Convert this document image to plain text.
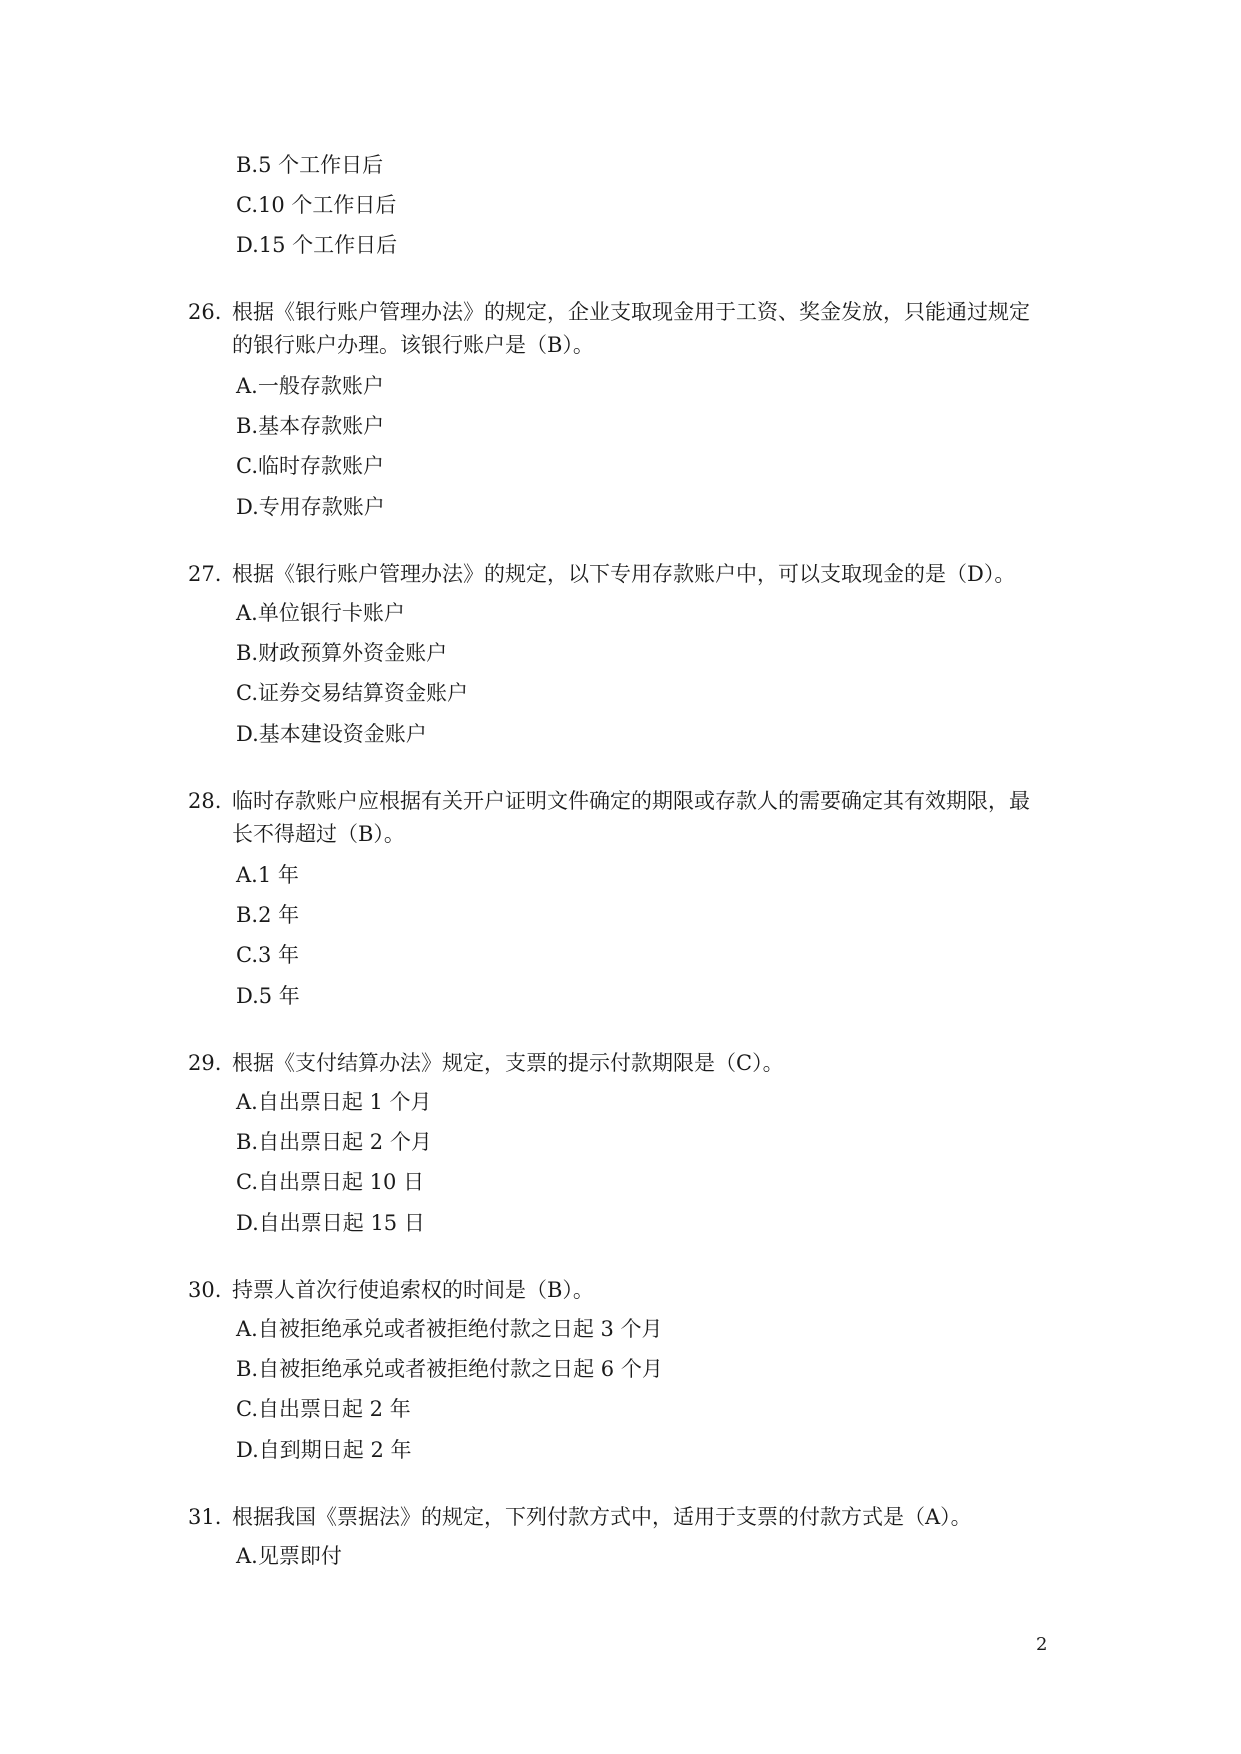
B.5 个工作日后
C.10 个工作日后
D.15 个工作日后
26. 根据《银行账户管理办法》的规定，企业支取现金用于工资、奖金发放，只能通过规定
的银行账户办理。该银行账户是（B）。
A.一般存款账户
B.基本存款账户
C.临时存款账户
D.专用存款账户
27. 根据《银行账户管理办法》的规定，以下专用存款账户中，可以支取现金的是（D）。
A.单位银行卡账户
B.财政预算外资金账户
C.证券交易结算资金账户
D.基本建设资金账户
28. 临时存款账户应根据有关开户证明文件确定的期限或存款人的需要确定其有效期限，最
长不得超过（B）。
A.1 年
B.2 年
C.3 年
D.5 年
29. 根据《支付结算办法》规定，支票的提示付款期限是（C）。
A.自出票日起 1 个月
B.自出票日起 2 个月
C.自出票日起 10 日
D.自出票日起 15 日
30. 持票人首次行使追索权的时间是（B）。
A.自被拒绝承兑或者被拒绝付款之日起 3 个月
B.自被拒绝承兑或者被拒绝付款之日起 6 个月
C.自出票日起 2 年
D.自到期日起 2 年
31. 根据我国《票据法》的规定，下列付款方式中，适用于支票的付款方式是（A）。
A.见票即付
2
